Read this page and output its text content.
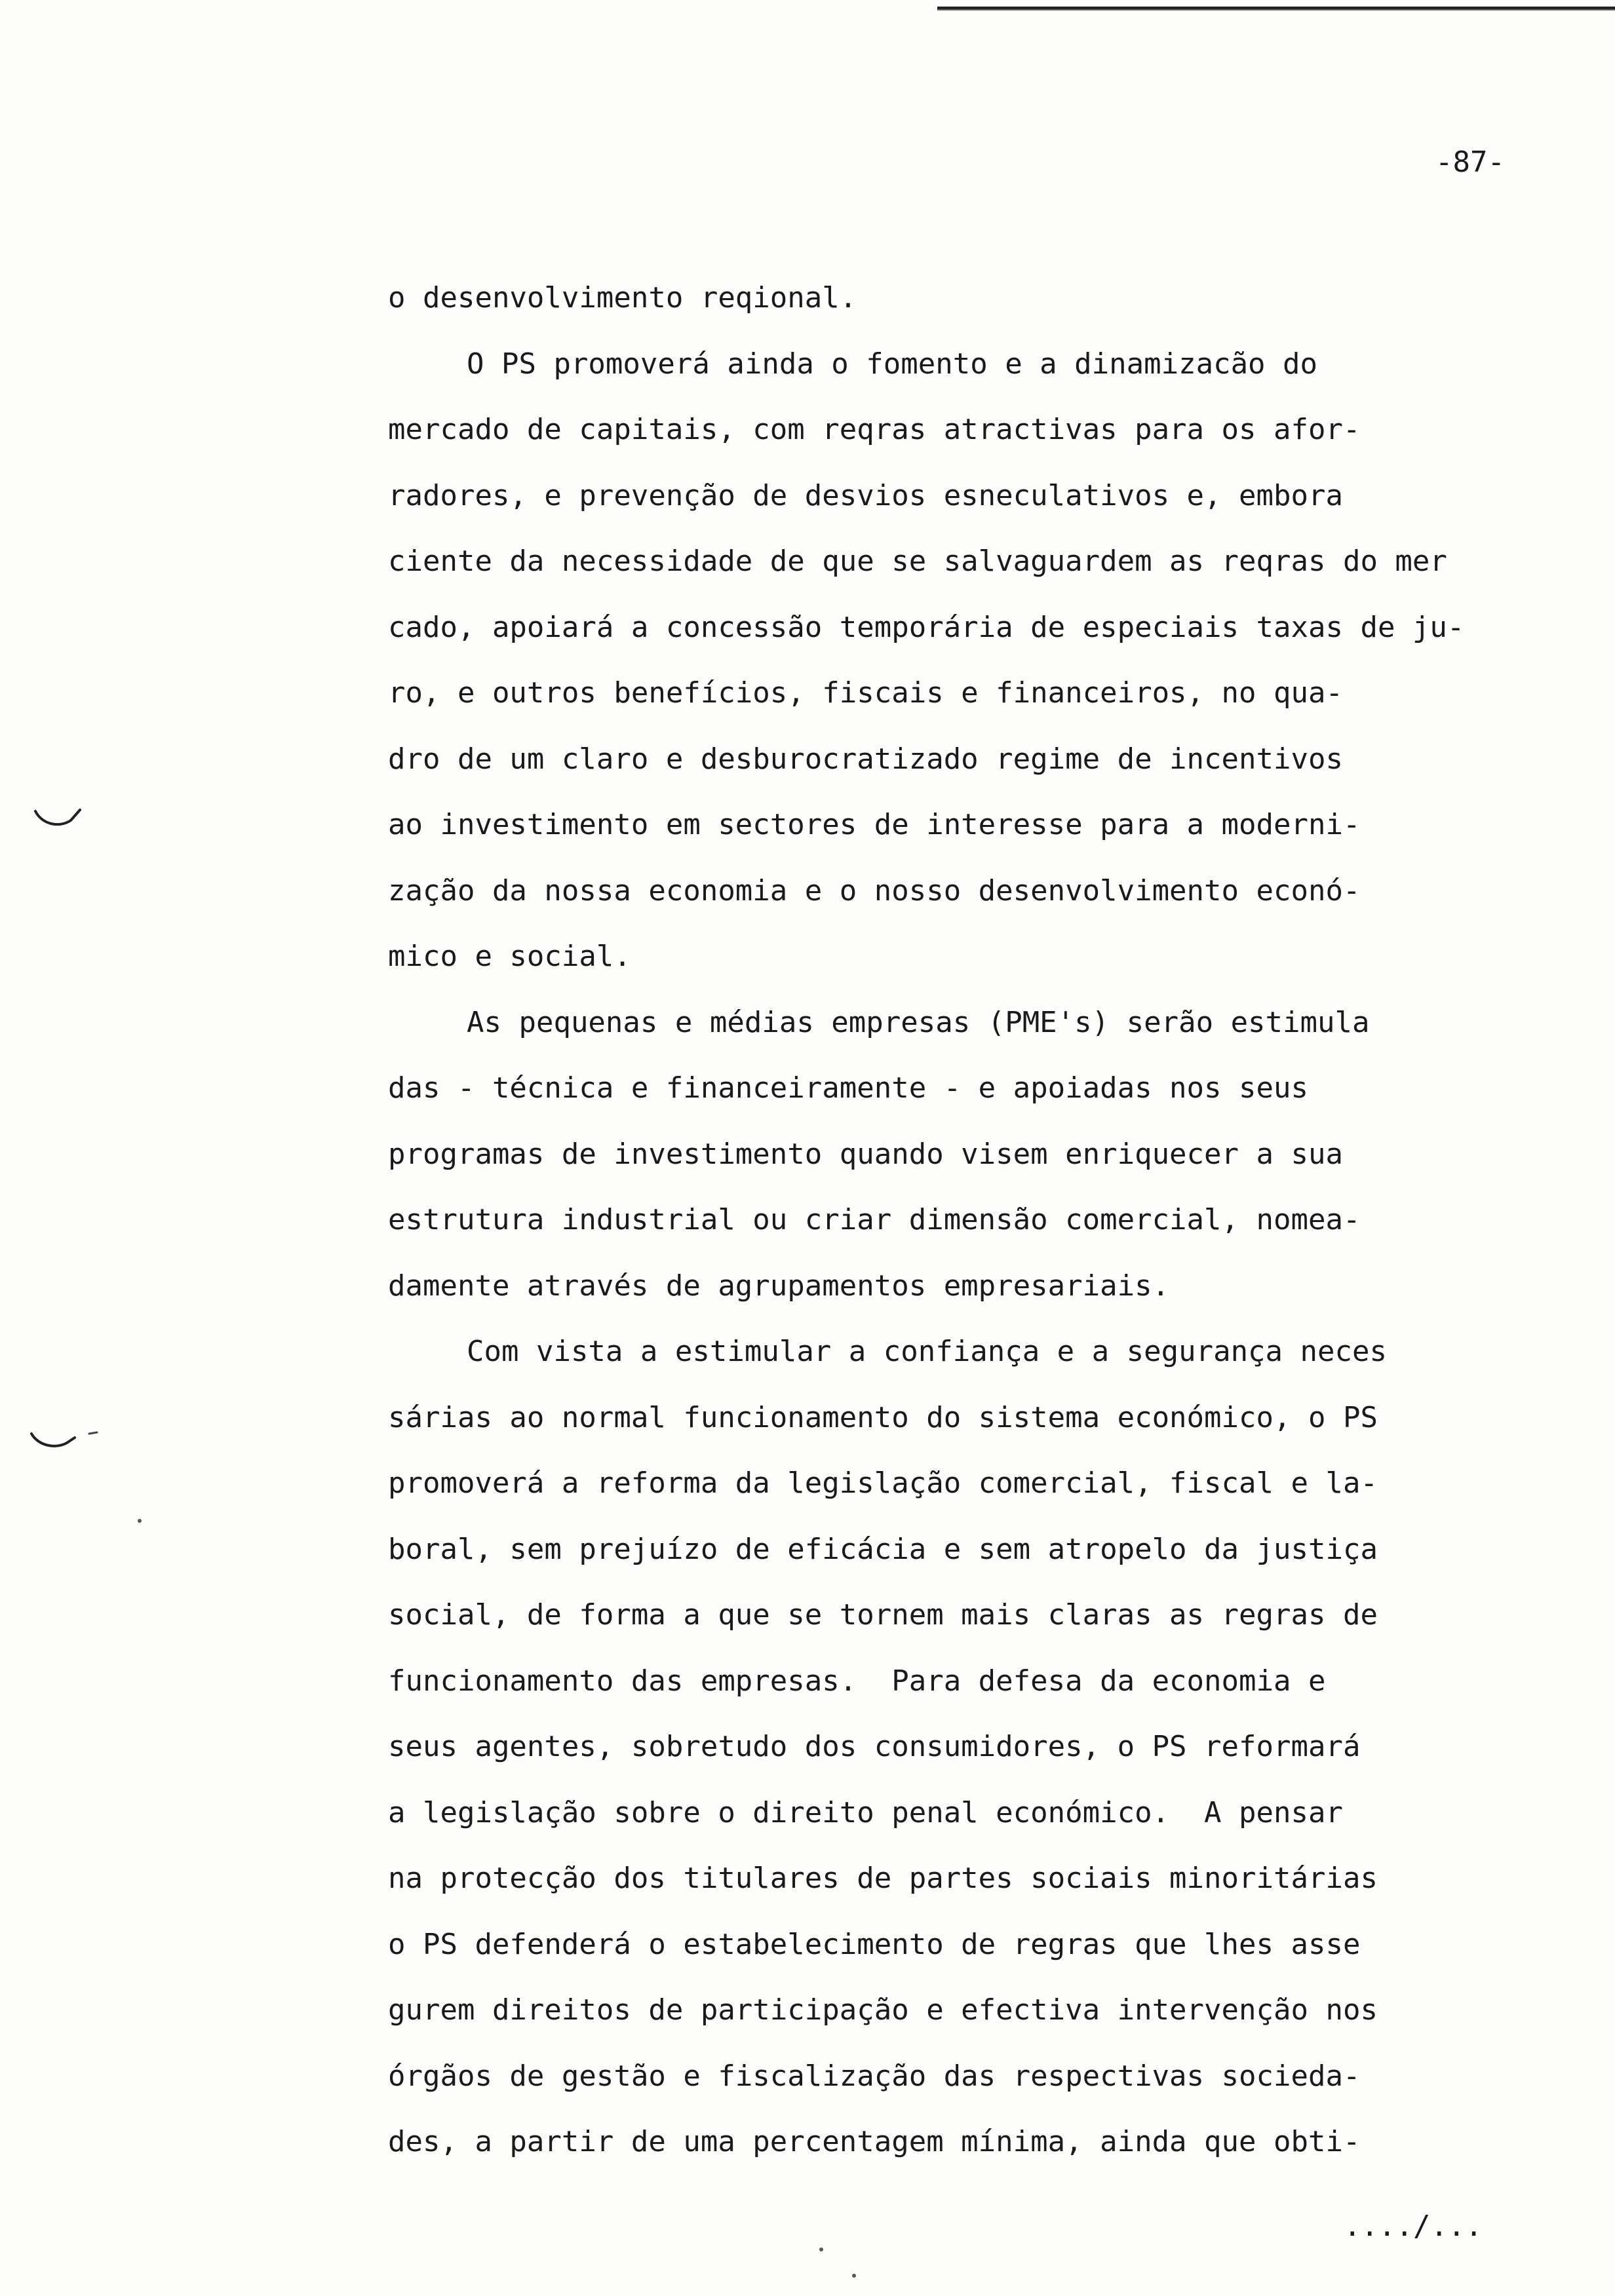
-87-
o desenvolvimento reqional.
O PS promoverá ainda o fomento e a dinamizacão do
mercado de capitais, com reqras atractivas para os afor-
radores, e prevenção de desvios esneculativos e, embora
ciente da necessidade de que se salvaguardem as reqras do mer
cado, apoiará a concessão temporária de especiais taxas de ju-
ro, e outros benefícios, fiscais e financeiros, no qua-
dro de um claro e desburocratizado regime de incentivos
ao investimento em sectores de interesse para a moderni-
zação da nossa economia e o nosso desenvolvimento econó-
mico e social.
As pequenas e médias empresas (PME's) serão estimula
das - técnica e financeiramente - e apoiadas nos seus
programas de investimento quando visem enriquecer a sua
estrutura industrial ou criar dimensão comercial, nomea-
damente através de agrupamentos empresariais.
Com vista a estimular a confiança e a segurança neces
sárias ao normal funcionamento do sistema económico, o PS
promoverá a reforma da legislação comercial, fiscal e la-
boral, sem prejuízo de eficácia e sem atropelo da justiça
social, de forma a que se tornem mais claras as regras de
funcionamento das empresas.  Para defesa da economia e
seus agentes, sobretudo dos consumidores, o PS reformará
a legislação sobre o direito penal económico.  A pensar
na protecção dos titulares de partes sociais minoritárias
o PS defenderá o estabelecimento de regras que lhes asse
gurem direitos de participação e efectiva intervenção nos
órgãos de gestão e fiscalização das respectivas socieda-
des, a partir de uma percentagem mínima, ainda que obti-
..../...
